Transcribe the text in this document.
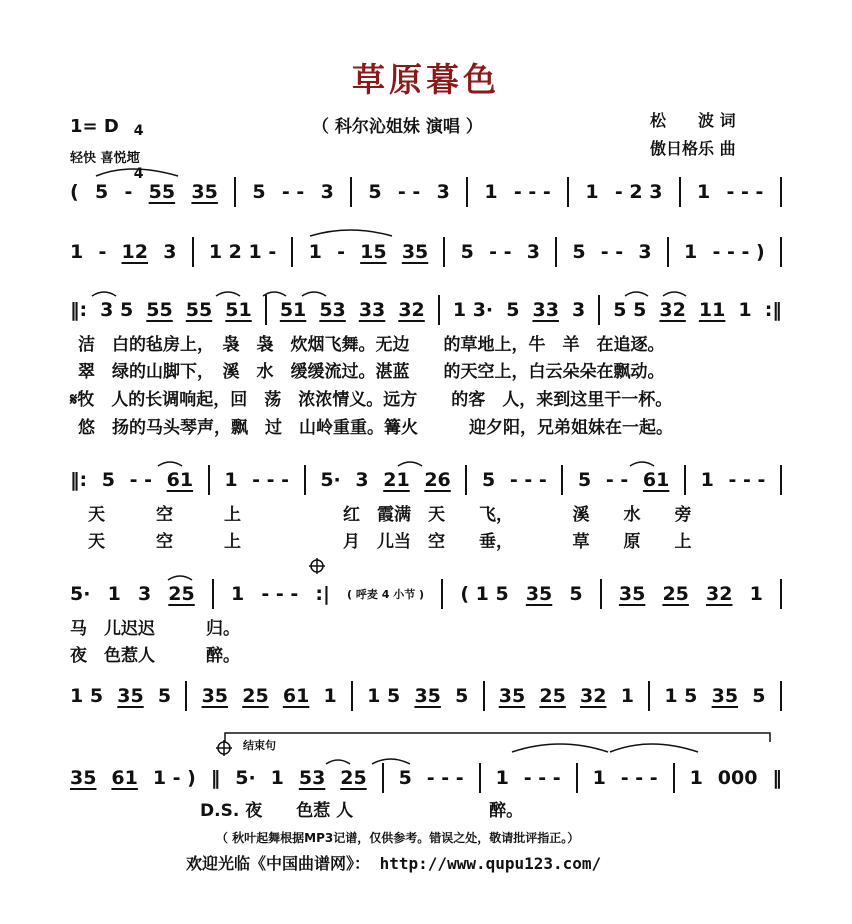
草原暮色
（ 科尔沁姐妹 演唱 ）	松　　波 词
傲日格乐 曲
1= D	4

4

轻快 喜悦地
( 5 - 55 35 5 - - 3 5 - - 3 1 - - - 1 - 2 3 1 - - -
1 - 12 3 1 2 1 - 1 - 15 35 5 - - 3 5 - - 3 1 - - - )
‖: 3 5 55 55 51 51 53 33 32 1 3· 5 33 3 5 5 32 11 1 :‖
洁　白的毡房上，　袅　袅　炊烟飞舞。无边　　的草地上，牛　羊　在追逐。
翠　绿的山脚下，　溪　水　缓缓流过。湛蓝　　的天空上，白云朵朵在飘动。
𝄋牧　人的长调响起，回　荡　浓浓情义。远方　　的客　人，来到这里干一杯。
悠　扬的马头琴声，飘　过　山岭重重。篝火　　　迎夕阳，兄弟姐妹在一起。
‖: 5 - - 61 1 - - - 5· 3 21 26 5 - - - 5 - - 61 1 - - -
天　　　空　　　上　　　　　　红　霞满　天　　飞，　　　　溪　　水　　旁
天　　　空　　　上　　　　　　月　儿当　空　　垂，　　　　草　　原　　上
5· 1 3 25 1 - - - :| ( 呼麦 4 小节 ) ( 1 5 35 5 35 25 32 1
马　儿迟迟　　　归。
夜　色惹人　　　醉。
1 5 35 5 35 25 61 1 1 5 35 5 35 25 32 1 1 5 35 5
结束句
35 61 1 - ) ‖ 5· 1 53 25 5 - - - 1 - - - 1 - - - 1 000 ‖
D.S. 夜　　色惹 人　　　　　　　　醉。
（ 秋叶起舞根据MP3记谱，仅供参考。错误之处，敬请批评指正。）
欢迎光临《中国曲谱网》： http://www.qupu123.com/
